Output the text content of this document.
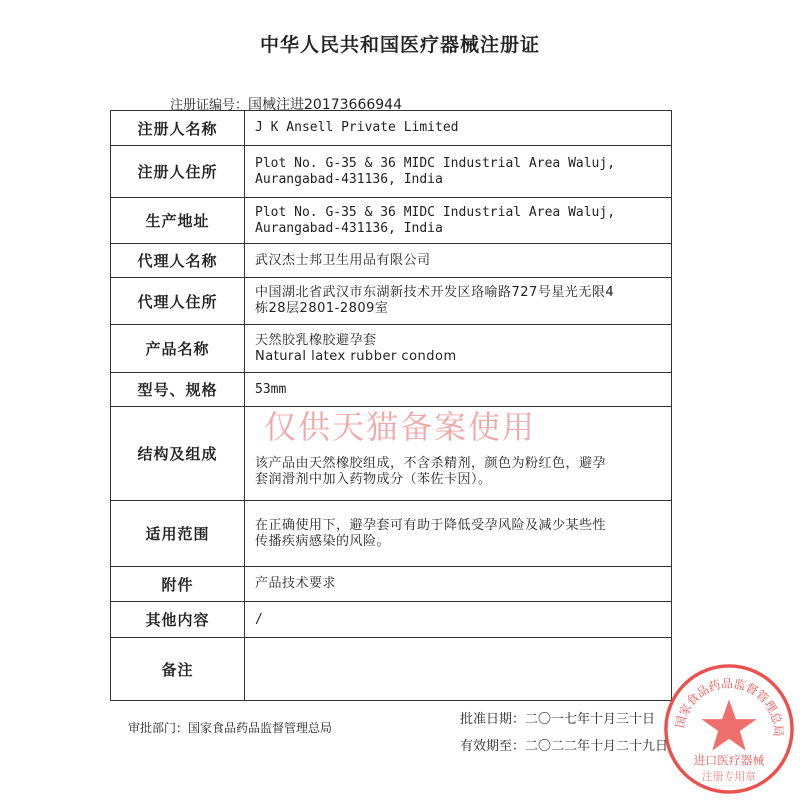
中华人民共和国医疗器械注册证
注册证编号：国械注进20173666944
注册人名称	J K Ansell Private Limited
注册人住所	Plot No. G-35 & 36 MIDC Industrial Area Waluj,
Aurangabad-431136, India
生产地址	Plot No. G-35 & 36 MIDC Industrial Area Waluj,
Aurangabad-431136, India
代理人名称	武汉杰士邦卫生用品有限公司
代理人住所	中国湖北省武汉市东湖新技术开发区珞喻路727号星光无限4
栋28层2801-2809室
产品名称	天然胶乳橡胶避孕套
Natural latex rubber condom
型号、规格	53mm
结构及组成	该产品由天然橡胶组成，不含杀精剂，颜色为粉红色，避孕
套润滑剂中加入药物成分（苯佐卡因）。
适用范围	在正确使用下，避孕套可有助于降低受孕风险及减少某些性
传播疾病感染的风险。
附件	产品技术要求
其他内容	/
备注	
仅供天猫备案使用
审批部门：国家食品药品监督管理总局
批准日期：二〇一七年十月三十日
有效期至：二〇二二年十月二十九日
国家食品药品监督管理总局
进口医疗器械
注册专用章
